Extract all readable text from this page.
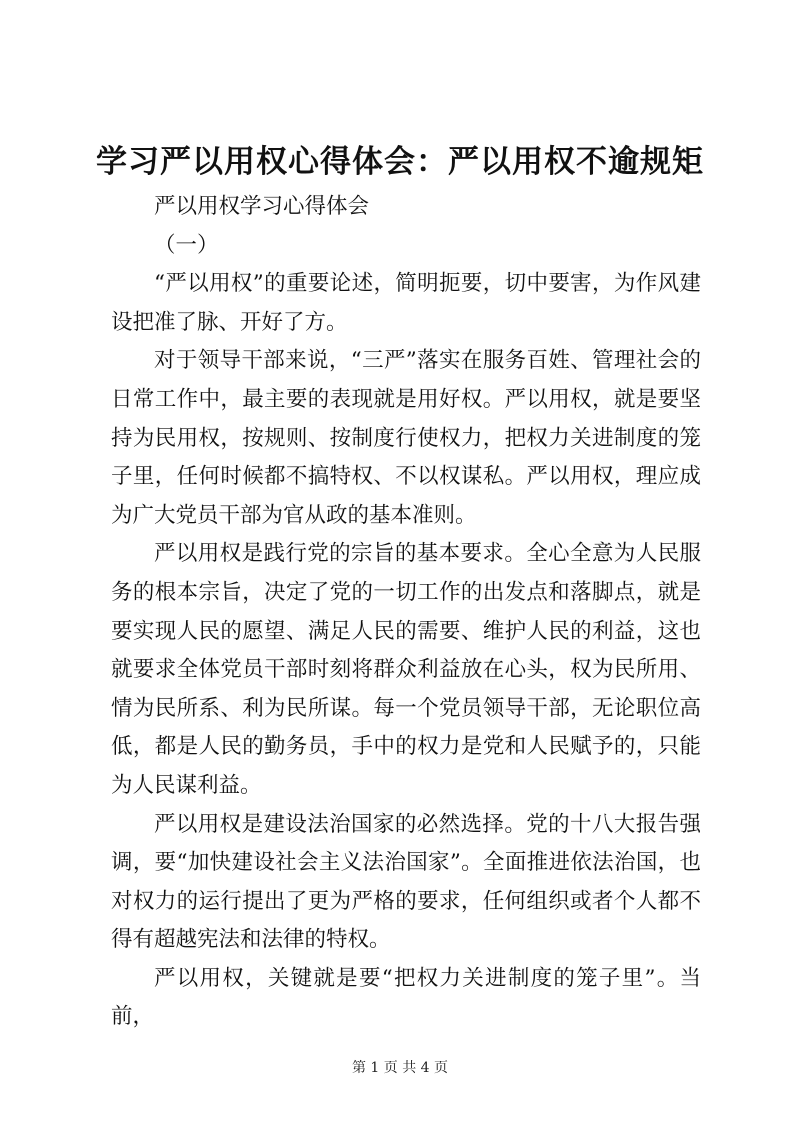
学习严以用权心得体会：严以用权不逾规矩

严以用权学习心得体会

（一）

“严以用权”的重要论述，简明扼要，切中要害，为作风建设把准了脉、开好了方。

对于领导干部来说，“三严”落实在服务百姓、管理社会的日常工作中，最主要的表现就是用好权。严以用权，就是要坚持为民用权，按规则、按制度行使权力，把权力关进制度的笼子里，任何时候都不搞特权、不以权谋私。严以用权，理应成为广大党员干部为官从政的基本准则。

严以用权是践行党的宗旨的基本要求。全心全意为人民服务的根本宗旨，决定了党的一切工作的出发点和落脚点，就是要实现人民的愿望、满足人民的需要、维护人民的利益，这也就要求全体党员干部时刻将群众利益放在心头，权为民所用、情为民所系、利为民所谋。每一个党员领导干部，无论职位高低，都是人民的勤务员，手中的权力是党和人民赋予的，只能为人民谋利益。

严以用权是建设法治国家的必然选择。党的十八大报告强调，要“加快建设社会主义法治国家”。全面推进依法治国，也对权力的运行提出了更为严格的要求，任何组织或者个人都不得有超越宪法和法律的特权。

严以用权，关键就是要“把权力关进制度的笼子里”。当前，

第 1 页 共 4 页
